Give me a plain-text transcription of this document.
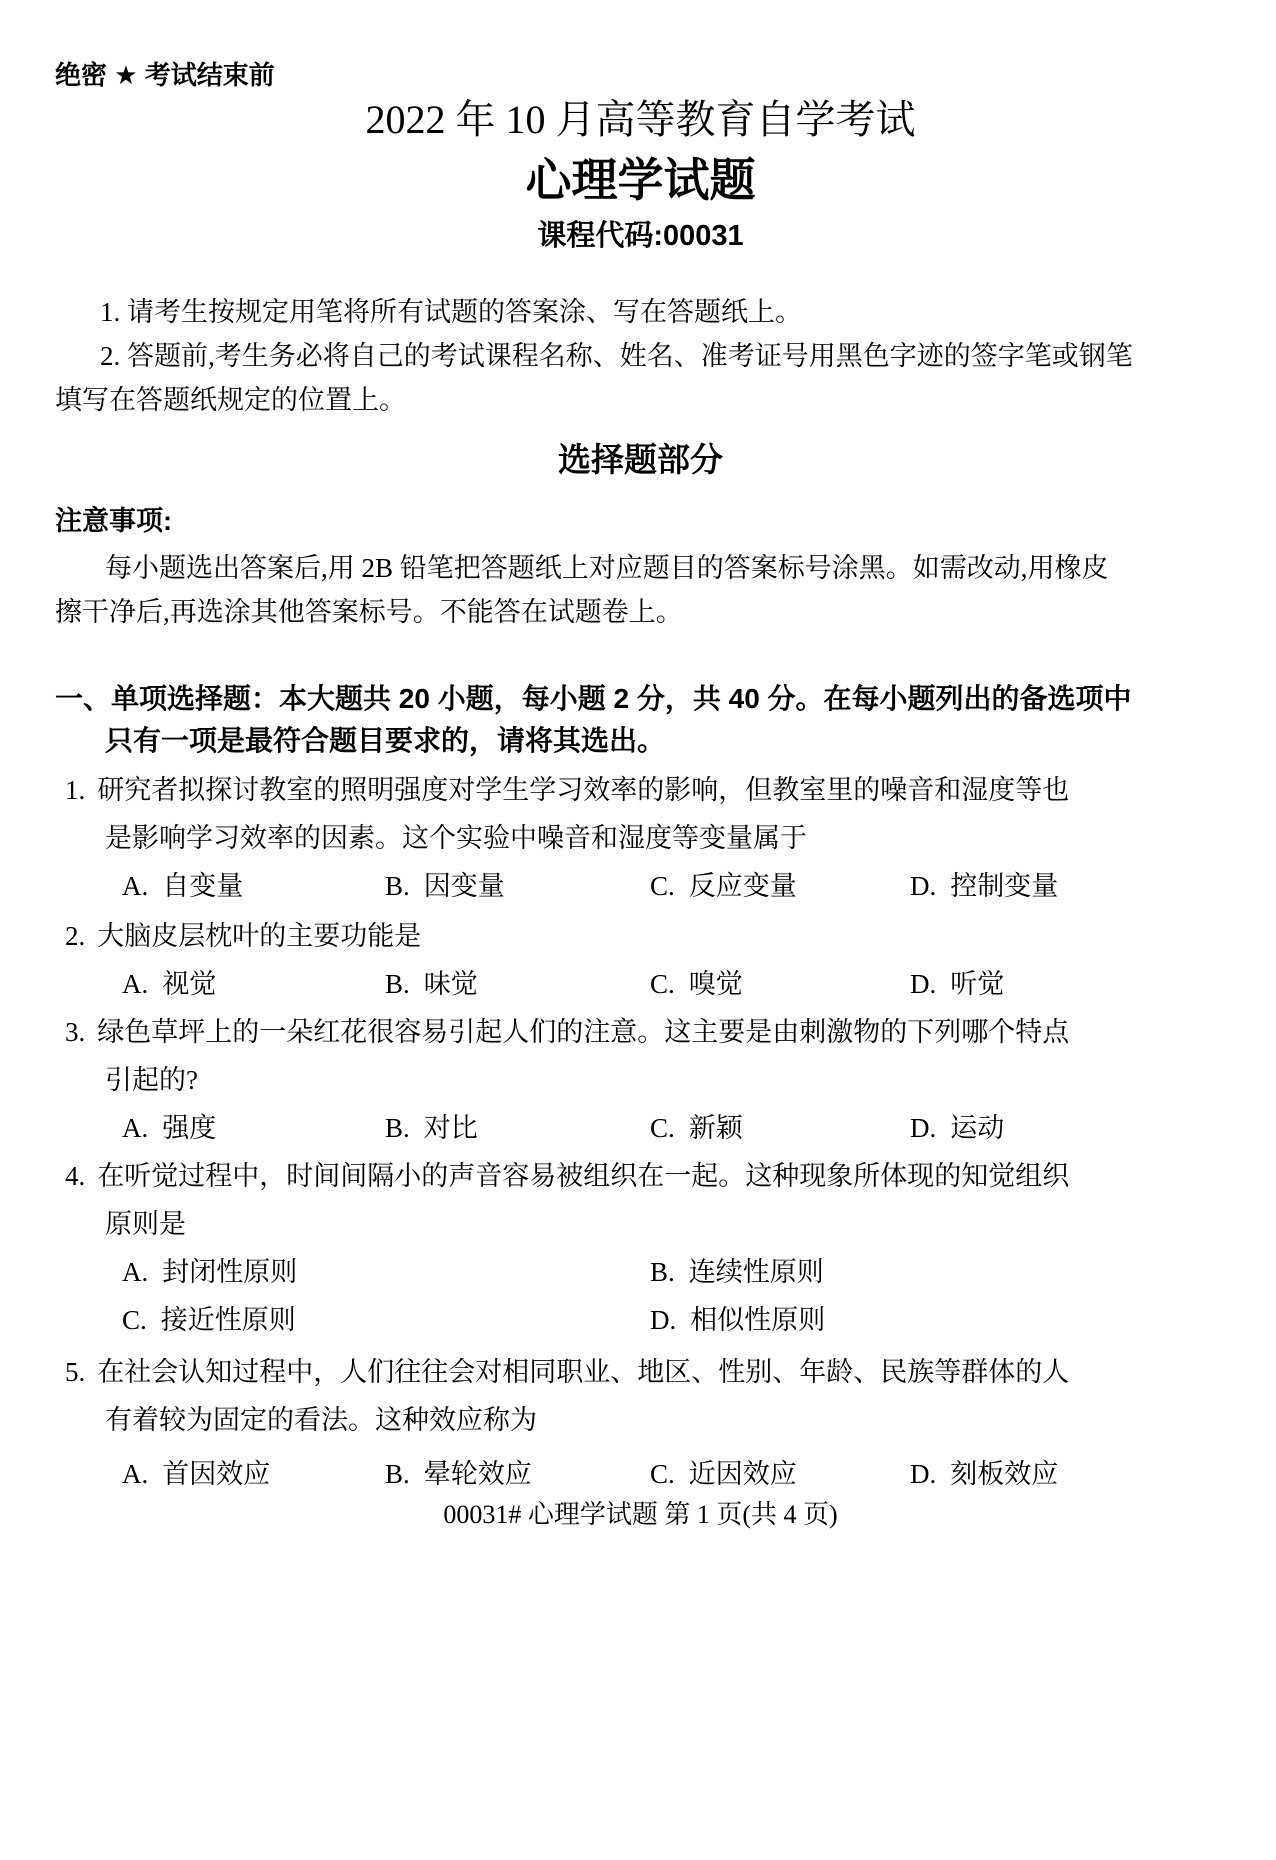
绝密 ★ 考试结束前
2022 年 10 月高等教育自学考试
心理学试题
课程代码:00031
1. 请考生按规定用笔将所有试题的答案涂、写在答题纸上。
2. 答题前,考生务必将自己的考试课程名称、姓名、准考证号用黑色字迹的签字笔或钢笔
填写在答题纸规定的位置上。
选择题部分
注意事项:
每小题选出答案后,用 2B 铅笔把答题纸上对应题目的答案标号涂黑。如需改动,用橡皮
擦干净后,再选涂其他答案标号。不能答在试题卷上。
一、单项选择题：本大题共 20 小题，每小题 2 分，共 40 分。在每小题列出的备选项中
只有一项是最符合题目要求的，请将其选出。
1. 研究者拟探讨教室的照明强度对学生学习效率的影响，但教室里的噪音和湿度等也
是影响学习效率的因素。这个实验中噪音和湿度等变量属于
A. 自变量	B. 因变量	C. 反应变量	D. 控制变量
2. 大脑皮层枕叶的主要功能是
A. 视觉	B. 味觉	C. 嗅觉	D. 听觉
3. 绿色草坪上的一朵红花很容易引起人们的注意。这主要是由刺激物的下列哪个特点
引起的?
A. 强度	B. 对比	C. 新颖	D. 运动
4. 在听觉过程中，时间间隔小的声音容易被组织在一起。这种现象所体现的知觉组织
原则是
A. 封闭性原则	B. 连续性原则
C. 接近性原则	D. 相似性原则
5. 在社会认知过程中，人们往往会对相同职业、地区、性别、年龄、民族等群体的人
有着较为固定的看法。这种效应称为
A. 首因效应	B. 晕轮效应	C. 近因效应	D. 刻板效应
00031# 心理学试题 第 1 页(共 4 页)
